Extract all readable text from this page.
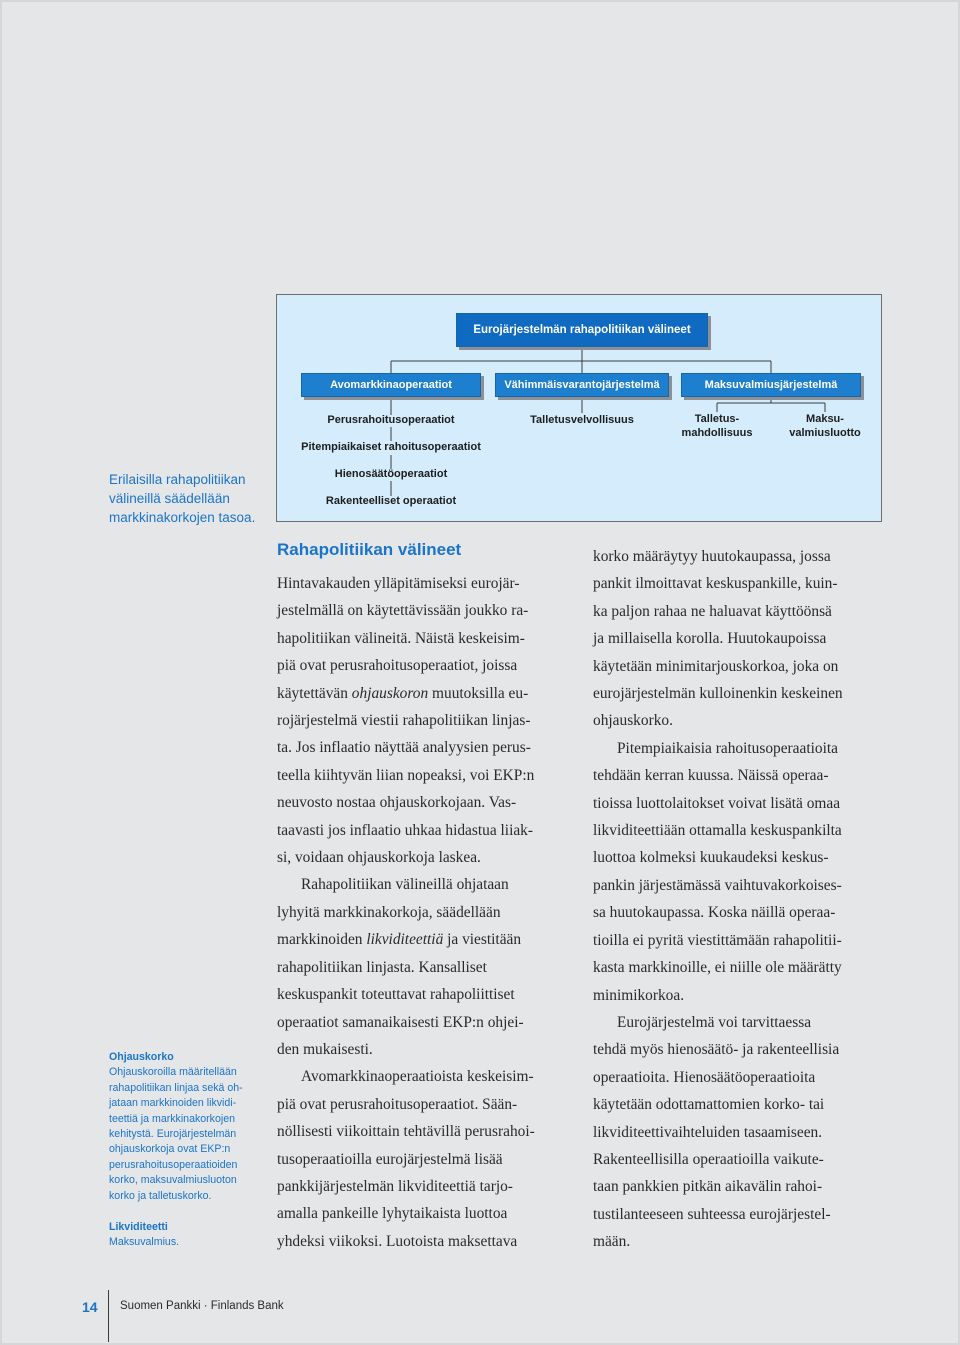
Eurojärjestelmän rahapolitiikan välineet
Avomarkkinaoperaatiot	Vähimmäisvarantojärjestelmä	Maksuvalmiusjärjestelmä
Perusrahoitusoperaatiot
Pitempiaikaiset rahoitusoperaatiot
Hienosäätöoperaatiot
Rakenteelliset operaatiot
Talletusvelvollisuus	Talletus-
mahdollisuus
Maksu-
valmiusluotto
Erilaisilla rahapolitiikan välineillä säädellään markkinakorkojen tasoa.
Ohjauskorko
Ohjauskoroilla määritellään
rahapolitiikan linjaa sekä oh-
jataan markkinoiden likvidi-
teettiä ja markkinakorkojen
kehitystä. Eurojärjestelmän
ohjauskorkoja ovat EKP:n
perusrahoitusoperaatioiden
korko, maksuvalmiusluoton
korko ja talletuskorko.
Likviditeetti
Maksuvalmius.
Rahapolitiikan välineet
Hintavakauden ylläpitämiseksi eurojär-
jestelmällä on käytettävissään joukko ra-
hapolitiikan välineitä. Näistä keskeisim-
piä ovat perusrahoitusoperaatiot, joissa
käytettävän ohjauskoron muutoksilla eu-
rojärjestelmä viestii rahapolitiikan linjas-
ta. Jos inflaatio näyttää analyysien perus-
teella kiihtyvän liian nopeaksi, voi EKP:n
neuvosto nostaa ohjauskorkojaan. Vas-
taavasti jos inflaatio uhkaa hidastua liiak-
si, voidaan ohjauskorkoja laskea.
Rahapolitiikan välineillä ohjataan
lyhyitä markkinakorkoja, säädellään
markkinoiden likviditeettiä ja viestitään
rahapolitiikan linjasta. Kansalliset
keskuspankit toteuttavat rahapoliittiset
operaatiot samanaikaisesti EKP:n ohjei-
den mukaisesti.
Avomarkkinaoperaatioista keskeisim-
piä ovat perusrahoitusoperaatiot. Sään-
nöllisesti viikoittain tehtävillä perusrahoi-
tusoperaatioilla eurojärjestelmä lisää
pankkijärjestelmän likviditeettiä tarjo-
amalla pankeille lyhytaikaista luottoa
yhdeksi viikoksi. Luotoista maksettava
korko määräytyy huutokaupassa, jossa
pankit ilmoittavat keskuspankille, kuin-
ka paljon rahaa ne haluavat käyttöönsä
ja millaisella korolla. Huutokaupoissa
käytetään minimitarjouskorkoa, joka on
eurojärjestelmän kulloinenkin keskeinen
ohjauskorko.
Pitempiaikaisia rahoitusoperaatioita
tehdään kerran kuussa. Näissä operaa-
tioissa luottolaitokset voivat lisätä omaa
likviditeettiään ottamalla keskuspankilta
luottoa kolmeksi kuukaudeksi keskus-
pankin järjestämässä vaihtuvakorkoises-
sa huutokaupassa. Koska näillä operaa-
tioilla ei pyritä viestittämään rahapolitii-
kasta markkinoille, ei niille ole määrätty
minimikorkoa.
Eurojärjestelmä voi tarvittaessa
tehdä myös hienosäätö- ja rakenteellisia
operaatioita. Hienosäätöoperaatioita
käytetään odottamattomien korko- tai
likviditeettivaihteluiden tasaamiseen.
Rakenteellisilla operaatioilla vaikute-
taan pankkien pitkän aikavälin rahoi-
tustilanteeseen suhteessa eurojärjestel-
mään.
14 Suomen Pankki · Finlands Bank
